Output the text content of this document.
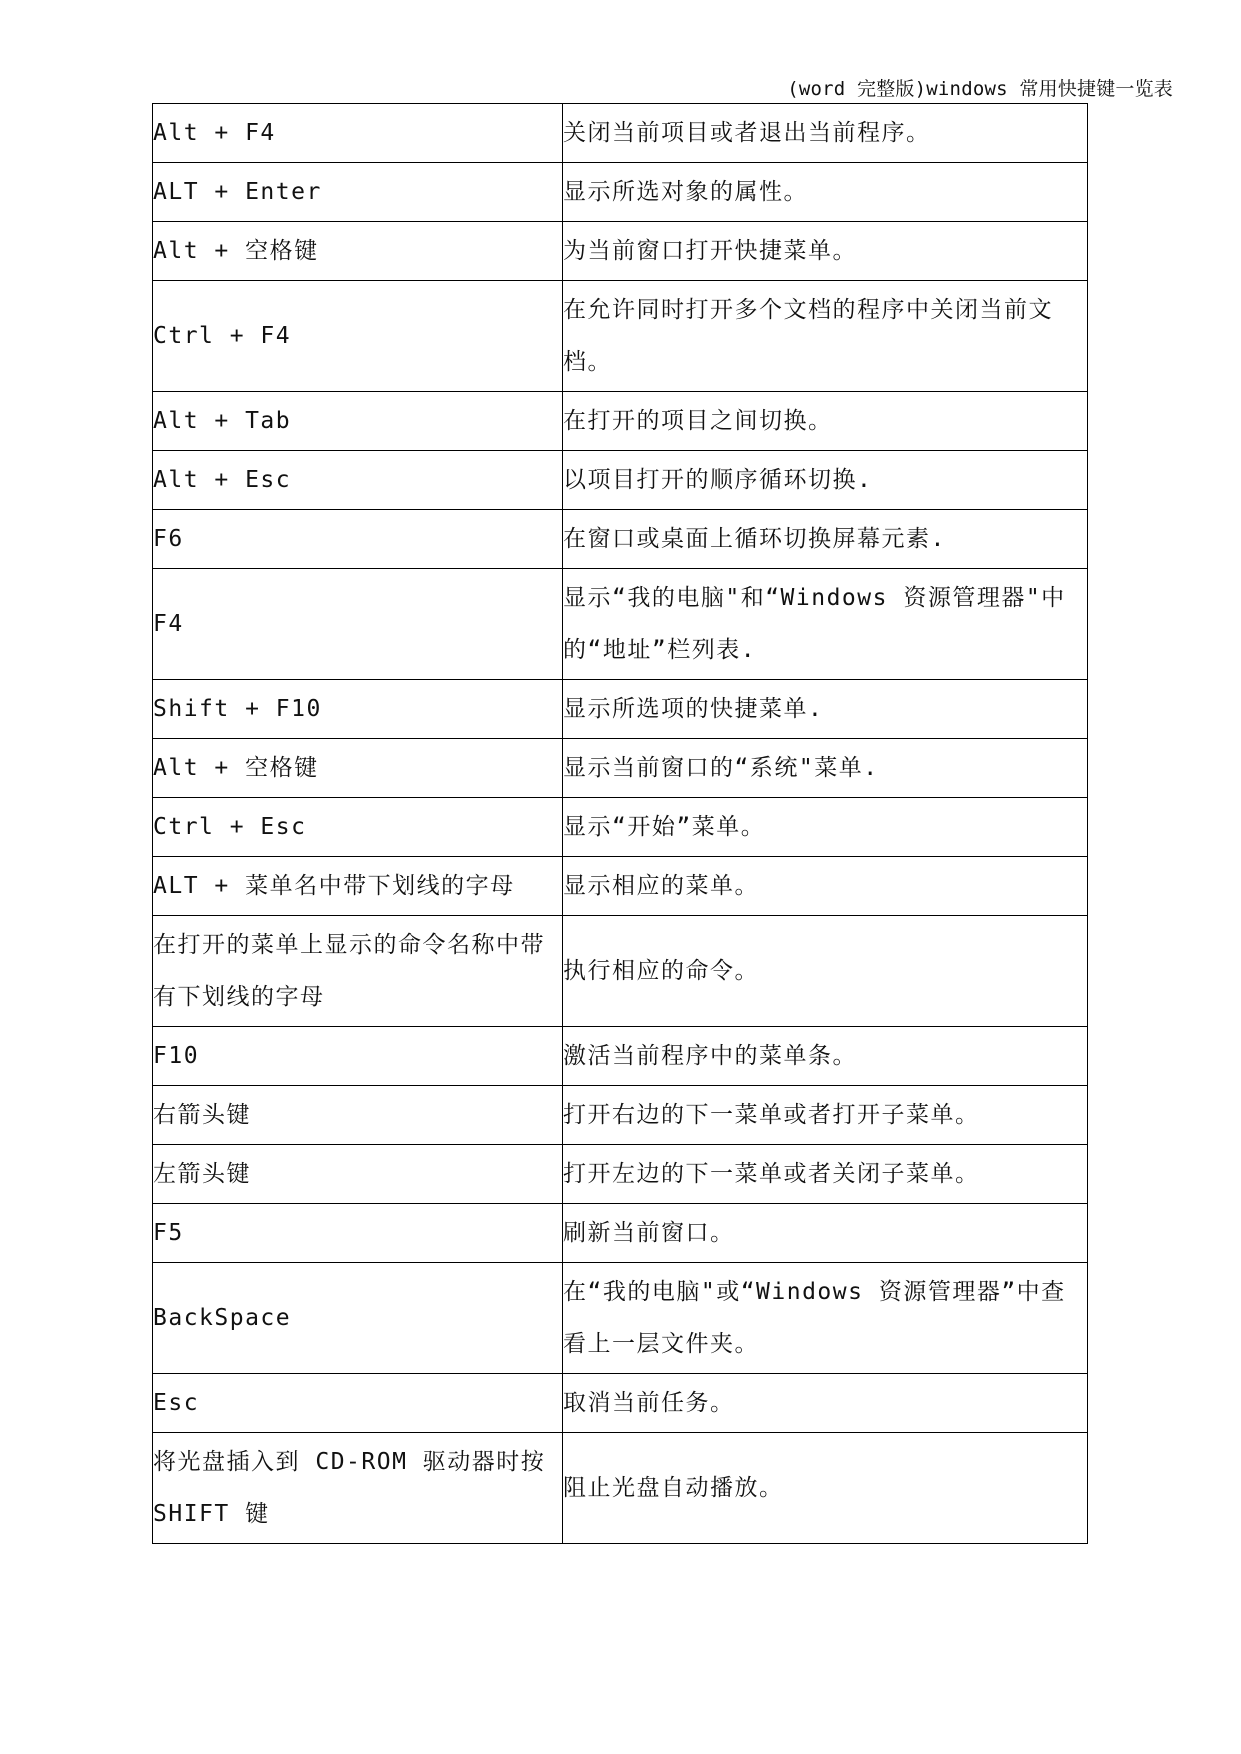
(word 完整版)windows 常用快捷键一览表
Alt + F4	关闭当前项目或者退出当前程序。

ALT + Enter	显示所选对象的属性。

Alt + 空格键	为当前窗口打开快捷菜单。

Ctrl + F4	在允许同时打开多个文档的程序中关闭当前文档。

Alt + Tab	在打开的项目之间切换。

Alt + Esc	以项目打开的顺序循环切换.

F6	在窗口或桌面上循环切换屏幕元素.

F4	显示“我的电脑"和“Windows 资源管理器"中的“地址”栏列表.

Shift + F10	显示所选项的快捷菜单.

Alt + 空格键	显示当前窗口的“系统"菜单.

Ctrl + Esc	显示“开始”菜单。

ALT + 菜单名中带下划线的字母	显示相应的菜单。

在打开的菜单上显示的命令名称中带有下划线的字母	执行相应的命令。

F10	激活当前程序中的菜单条。

右箭头键	打开右边的下一菜单或者打开子菜单。

左箭头键	打开左边的下一菜单或者关闭子菜单。

F5	刷新当前窗口。

BackSpace	在“我的电脑"或“Windows 资源管理器”中查看上一层文件夹。

Esc	取消当前任务。

将光盘插入到 CD-ROM 驱动器时按 SHIFT 键	阻止光盘自动播放。
